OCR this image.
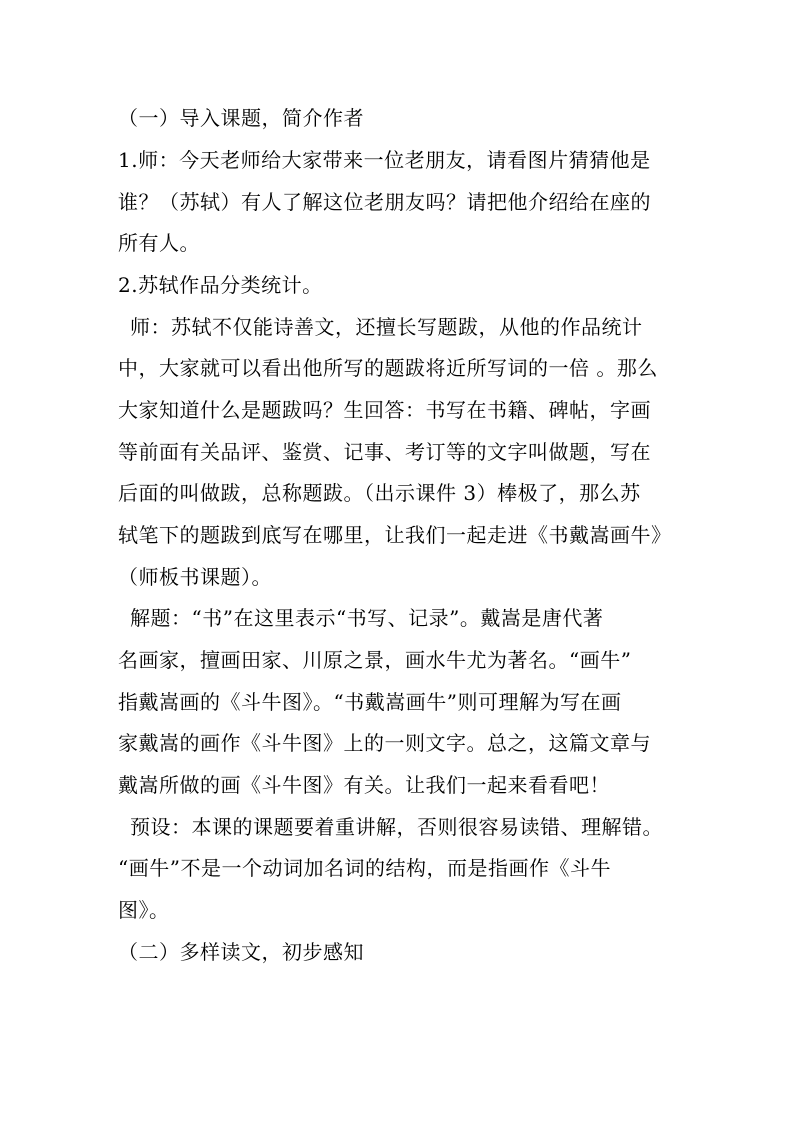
（一）导入课题，简介作者
1.师：今天老师给大家带来一位老朋友，请看图片猜猜他是
谁？（苏轼）有人了解这位老朋友吗？请把他介绍给在座的
所有人。
2.苏轼作品分类统计。
师：苏轼不仅能诗善文，还擅长写题跋，从他的作品统计
中，大家就可以看出他所写的题跋将近所写词的一倍 。那么
大家知道什么是题跋吗？生回答：书写在书籍、碑帖，字画
等前面有关品评、鉴赏、记事、考订等的文字叫做题，写在
后面的叫做跋，总称题跋。（出示课件 3）棒极了，那么苏
轼笔下的题跋到底写在哪里，让我们一起走进《书戴嵩画牛》
（师板书课题）。
解题：“书”在这里表示“书写、记录”。戴嵩是唐代著
名画家，擅画田家、川原之景，画水牛尤为著名。“画牛”
指戴嵩画的《斗牛图》。“书戴嵩画牛”则可理解为写在画
家戴嵩的画作《斗牛图》上的一则文字。总之，这篇文章与
戴嵩所做的画《斗牛图》有关。让我们一起来看看吧！
预设：本课的课题要着重讲解，否则很容易读错、理解错。
“画牛”不是一个动词加名词的结构，而是指画作《斗牛
图》。
（二）多样读文，初步感知
